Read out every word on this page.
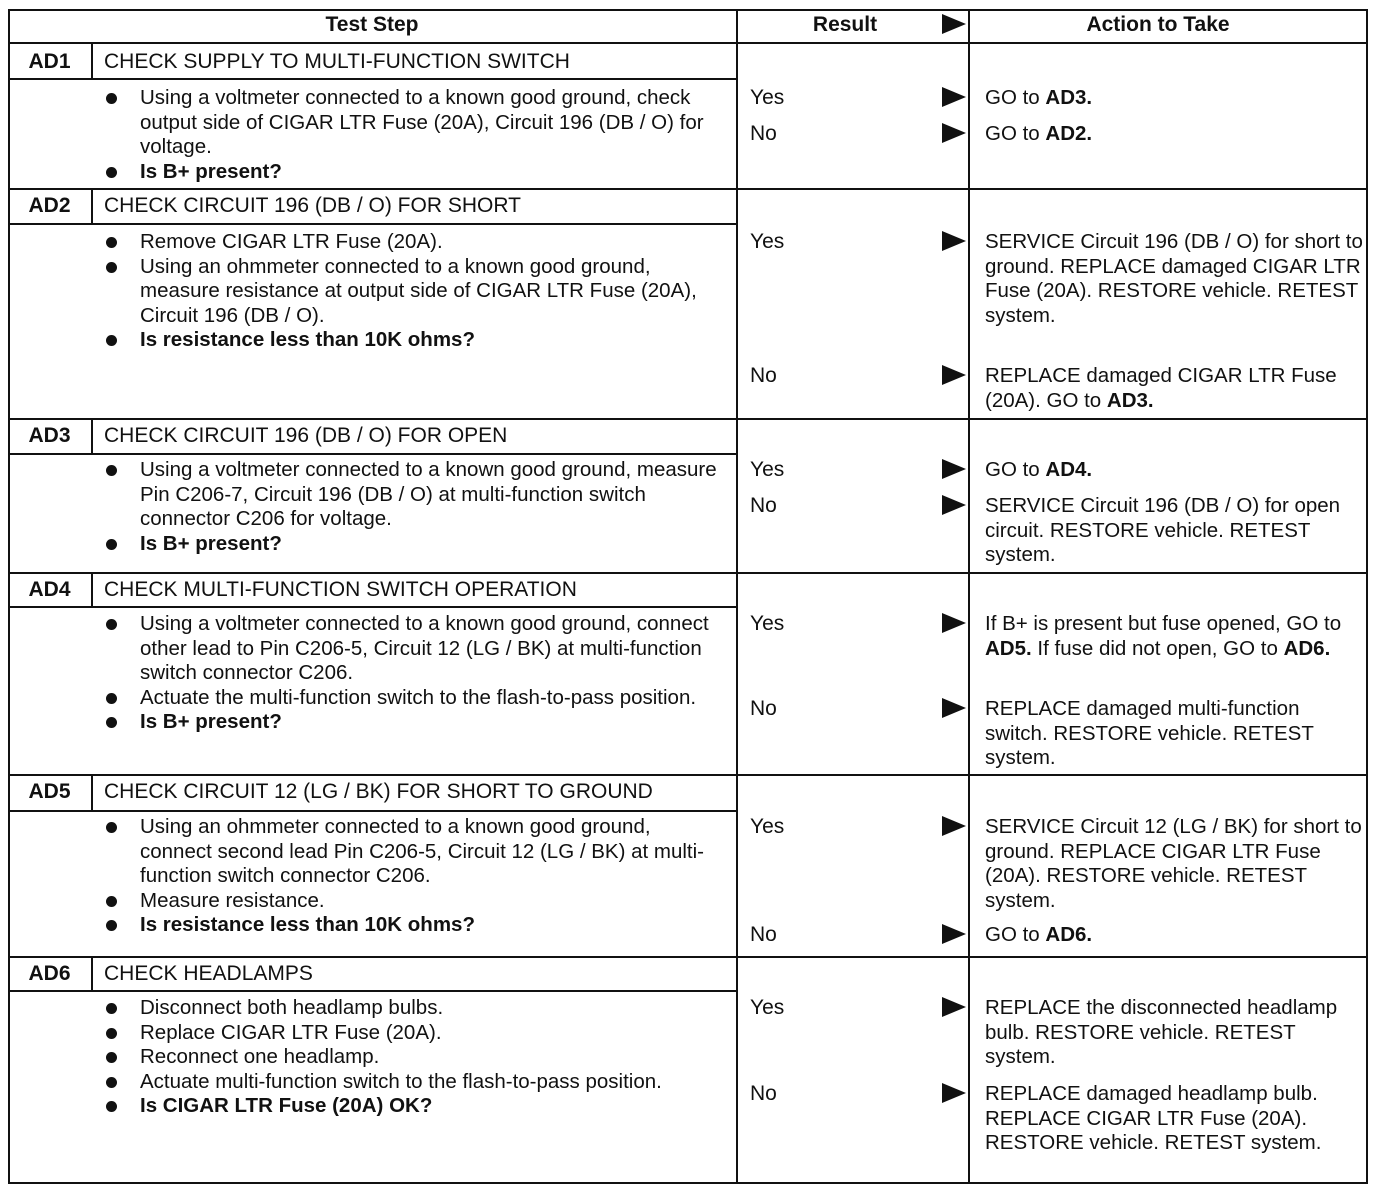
Test Step	Result	Action to Take
AD1	CHECK SUPPLY TO MULTI-FUNCTION SWITCH
Using a voltmeter connected to a known good ground, check output side of CIGAR LTR Fuse (20A), Circuit 196 (DB / O) for voltage.
Is B+ present?
Yes	GO to AD3.
No	GO to AD2.
AD2	CHECK CIRCUIT 196 (DB / O) FOR SHORT
Remove CIGAR LTR Fuse (20A).
Using an ohmmeter connected to a known good ground, measure resistance at output side of CIGAR LTR Fuse (20A), Circuit 196 (DB / O).
Is resistance less than 10K ohms?
Yes	SERVICE Circuit 196 (DB / O) for short to ground. REPLACE damaged CIGAR LTR Fuse (20A). RESTORE vehicle. RETEST system.
No	REPLACE damaged CIGAR LTR Fuse (20A). GO to AD3.
AD3	CHECK CIRCUIT 196 (DB / O) FOR OPEN
Using a voltmeter connected to a known good ground, measure Pin C206-7, Circuit 196 (DB / O) at multi-function switch connector C206 for voltage.
Is B+ present?
Yes	GO to AD4.
No	SERVICE Circuit 196 (DB / O) for open circuit. RESTORE vehicle. RETEST system.
AD4	CHECK MULTI-FUNCTION SWITCH OPERATION
Using a voltmeter connected to a known good ground, connect other lead to Pin C206-5, Circuit 12 (LG / BK) at multi-function switch connector C206.
Actuate the multi-function switch to the flash-to-pass position.
Is B+ present?
Yes	If B+ is present but fuse opened, GO to AD5. If fuse did not open, GO to AD6.
No	REPLACE damaged multi-function switch. RESTORE vehicle. RETEST system.
AD5	CHECK CIRCUIT 12 (LG / BK) FOR SHORT TO GROUND
Using an ohmmeter connected to a known good ground, connect second lead Pin C206-5, Circuit 12 (LG / BK) at multi-function switch connector C206.
Measure resistance.
Is resistance less than 10K ohms?
Yes	SERVICE Circuit 12 (LG / BK) for short to ground. REPLACE CIGAR LTR Fuse (20A). RESTORE vehicle. RETEST system.
No	GO to AD6.
AD6	CHECK HEADLAMPS
Disconnect both headlamp bulbs.
Replace CIGAR LTR Fuse (20A).
Reconnect one headlamp.
Actuate multi-function switch to the flash-to-pass position.
Is CIGAR LTR Fuse (20A) OK?
Yes	REPLACE the disconnected headlamp bulb. RESTORE vehicle. RETEST system.
No	REPLACE damaged headlamp bulb. REPLACE CIGAR LTR Fuse (20A). RESTORE vehicle. RETEST system.
